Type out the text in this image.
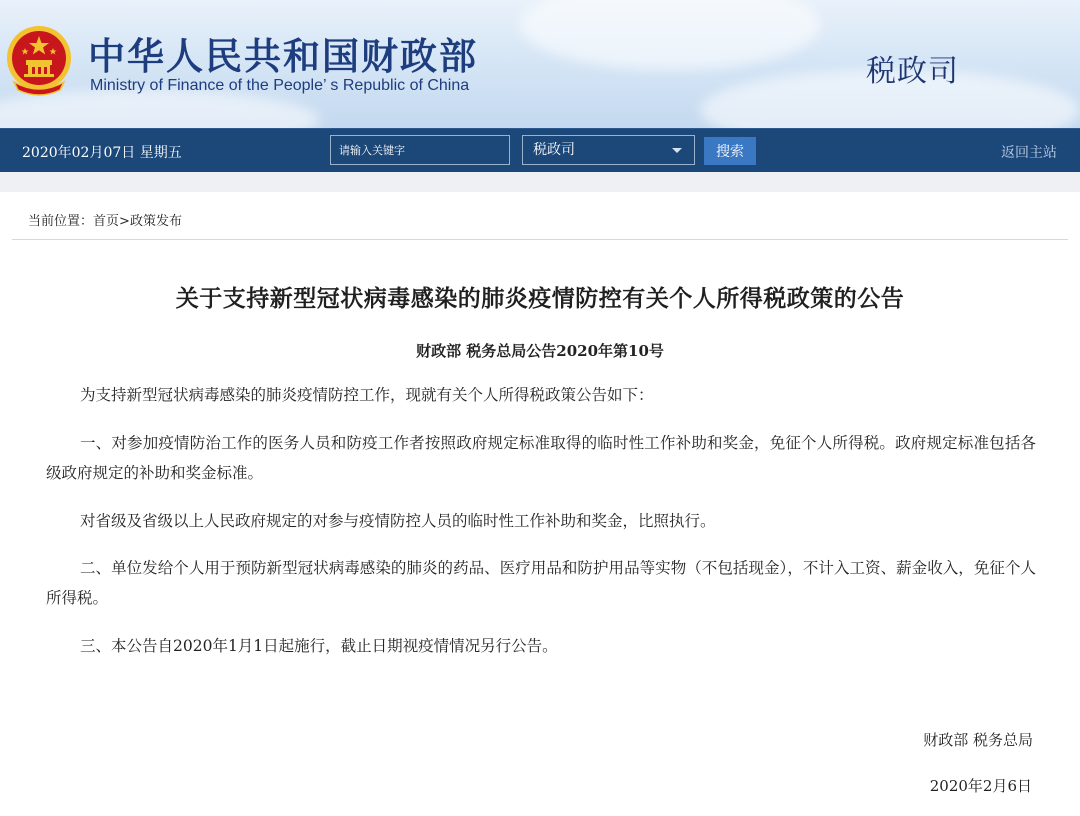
中华人民共和国财政部
Ministry of Finance of the People’ s Republic of China	税政司
2020年02月07日 星期五
请输入关键字	税政司	搜索	返回主站
当前位置：首页>政策发布
关于支持新型冠状病毒感染的肺炎疫情防控有关个人所得税政策的公告
财政部 税务总局公告2020年第10号

为支持新型冠状病毒感染的肺炎疫情防控工作，现就有关个人所得税政策公告如下：

一、对参加疫情防治工作的医务人员和防疫工作者按照政府规定标准取得的临时性工作补助和奖金，免征个人所得税。政府规定标准包括各级政府规定的补助和奖金标准。

对省级及省级以上人民政府规定的对参与疫情防控人员的临时性工作补助和奖金，比照执行。

二、单位发给个人用于预防新型冠状病毒感染的肺炎的药品、医疗用品和防护用品等实物（不包括现金），不计入工资、薪金收入，免征个人所得税。

三、本公告自2020年1月1日起施行，截止日期视疫情情况另行公告。

财政部 税务总局
2020年2月6日
